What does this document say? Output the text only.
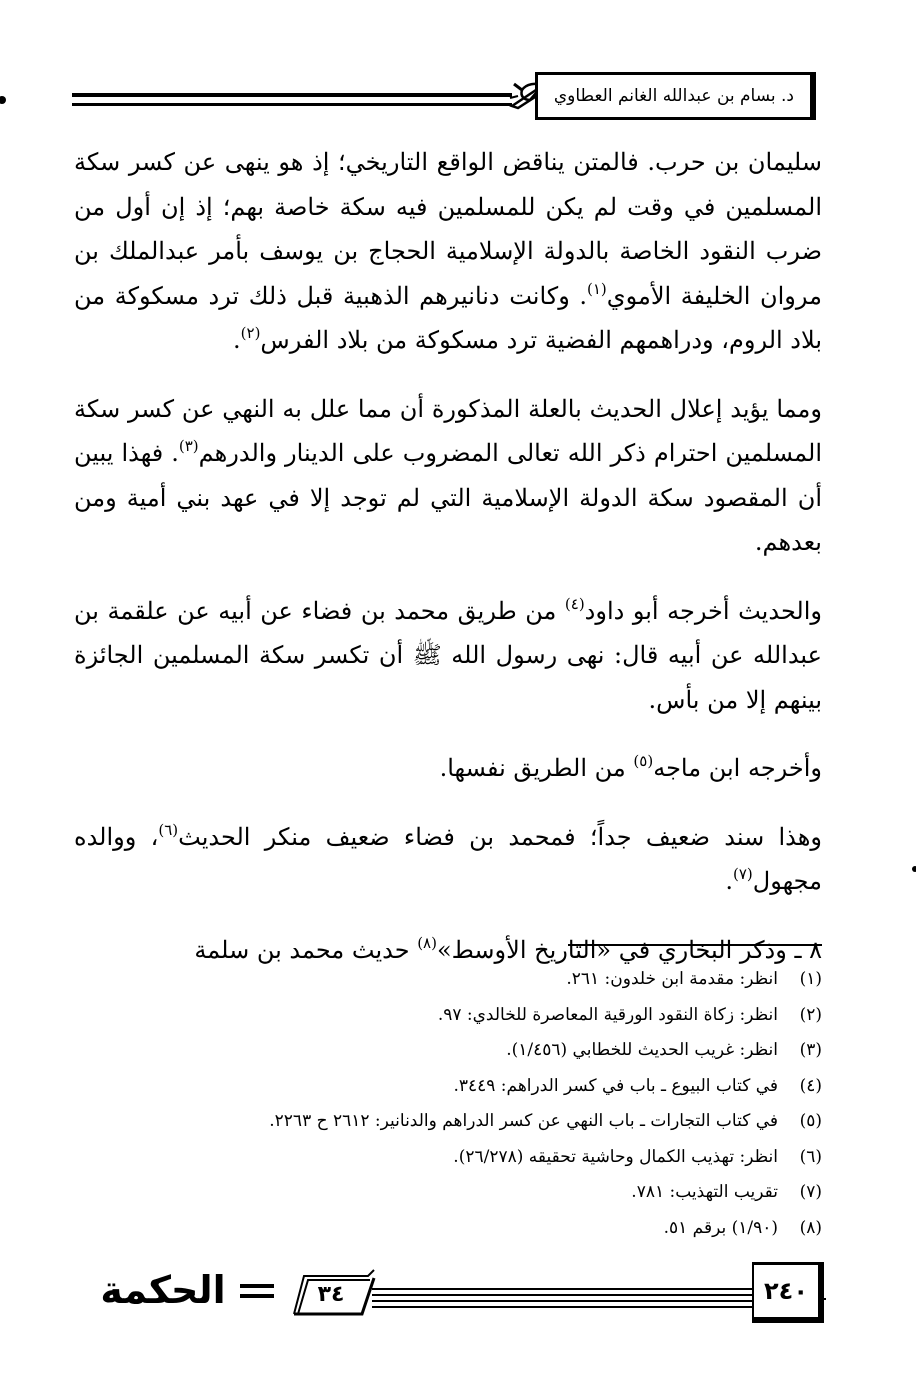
د. بسام بن عبدالله الغانم العطاوي

سليمان بن حرب. فالمتن يناقض الواقع التاريخي؛ إذ هو ينهى عن كسر سكة المسلمين في وقت لم يكن للمسلمين فيه سكة خاصة بهم؛ إذ إن أول من ضرب النقود الخاصة بالدولة الإسلامية الحجاج بن يوسف بأمر عبدالملك بن مروان الخليفة الأموي$^{(١)}$. وكانت دنانيرهم الذهبية قبل ذلك ترد مسكوكة من بلاد الروم، ودراهمهم الفضية ترد مسكوكة من بلاد الفرس$^{(٢)}$.

ومما يؤيد إعلال الحديث بالعلة المذكورة أن مما علل به النهي عن كسر سكة المسلمين احترام ذكر الله تعالى المضروب على الدينار والدرهم$^{(٣)}$. فهذا يبين أن المقصود سكة الدولة الإسلامية التي لم توجد إلا في عهد بني أمية ومن بعدهم.

والحديث أخرجه أبو داود$^{(٤)}$ من طريق محمد بن فضاء عن أبيه عن علقمة بن عبدالله عن أبيه قال: نهى رسول الله ﷺ أن تكسر سكة المسلمين الجائزة بينهم إلا من بأس.

وأخرجه ابن ماجه$^{(٥)}$ من الطريق نفسها.

وهذا سند ضعيف جداً؛ فمحمد بن فضاء ضعيف منكر الحديث$^{(٦)}$، ووالده مجهول$^{(٧)}$.

٨ ـ وذكر البخاري في «التاريخ الأوسط»$^{(٨)}$ حديث محمد بن سلمة

(١)
انظر: مقدمة ابن خلدون: ٢٦١.
(٢)
انظر: زكاة النقود الورقية المعاصرة للخالدي: ٩٧.
(٣)
انظر: غريب الحديث للخطابي (١/٤٥٦).
(٤)
في كتاب البيوع ـ باب في كسر الدراهم: ٣٤٤٩.
(٥)
في كتاب التجارات ـ باب النهي عن كسر الدراهم والدنانير: ٢٦١٢ ح ٢٢٦٣.
(٦)
انظر: تهذيب الكمال وحاشية تحقيقه (٢٦/٢٧٨).
(٧)
تقريب التهذيب: ٧٨١.
(٨)
(١/٩٠) برقم ٥١.
٢٤٠
٣٤
الحكمة
